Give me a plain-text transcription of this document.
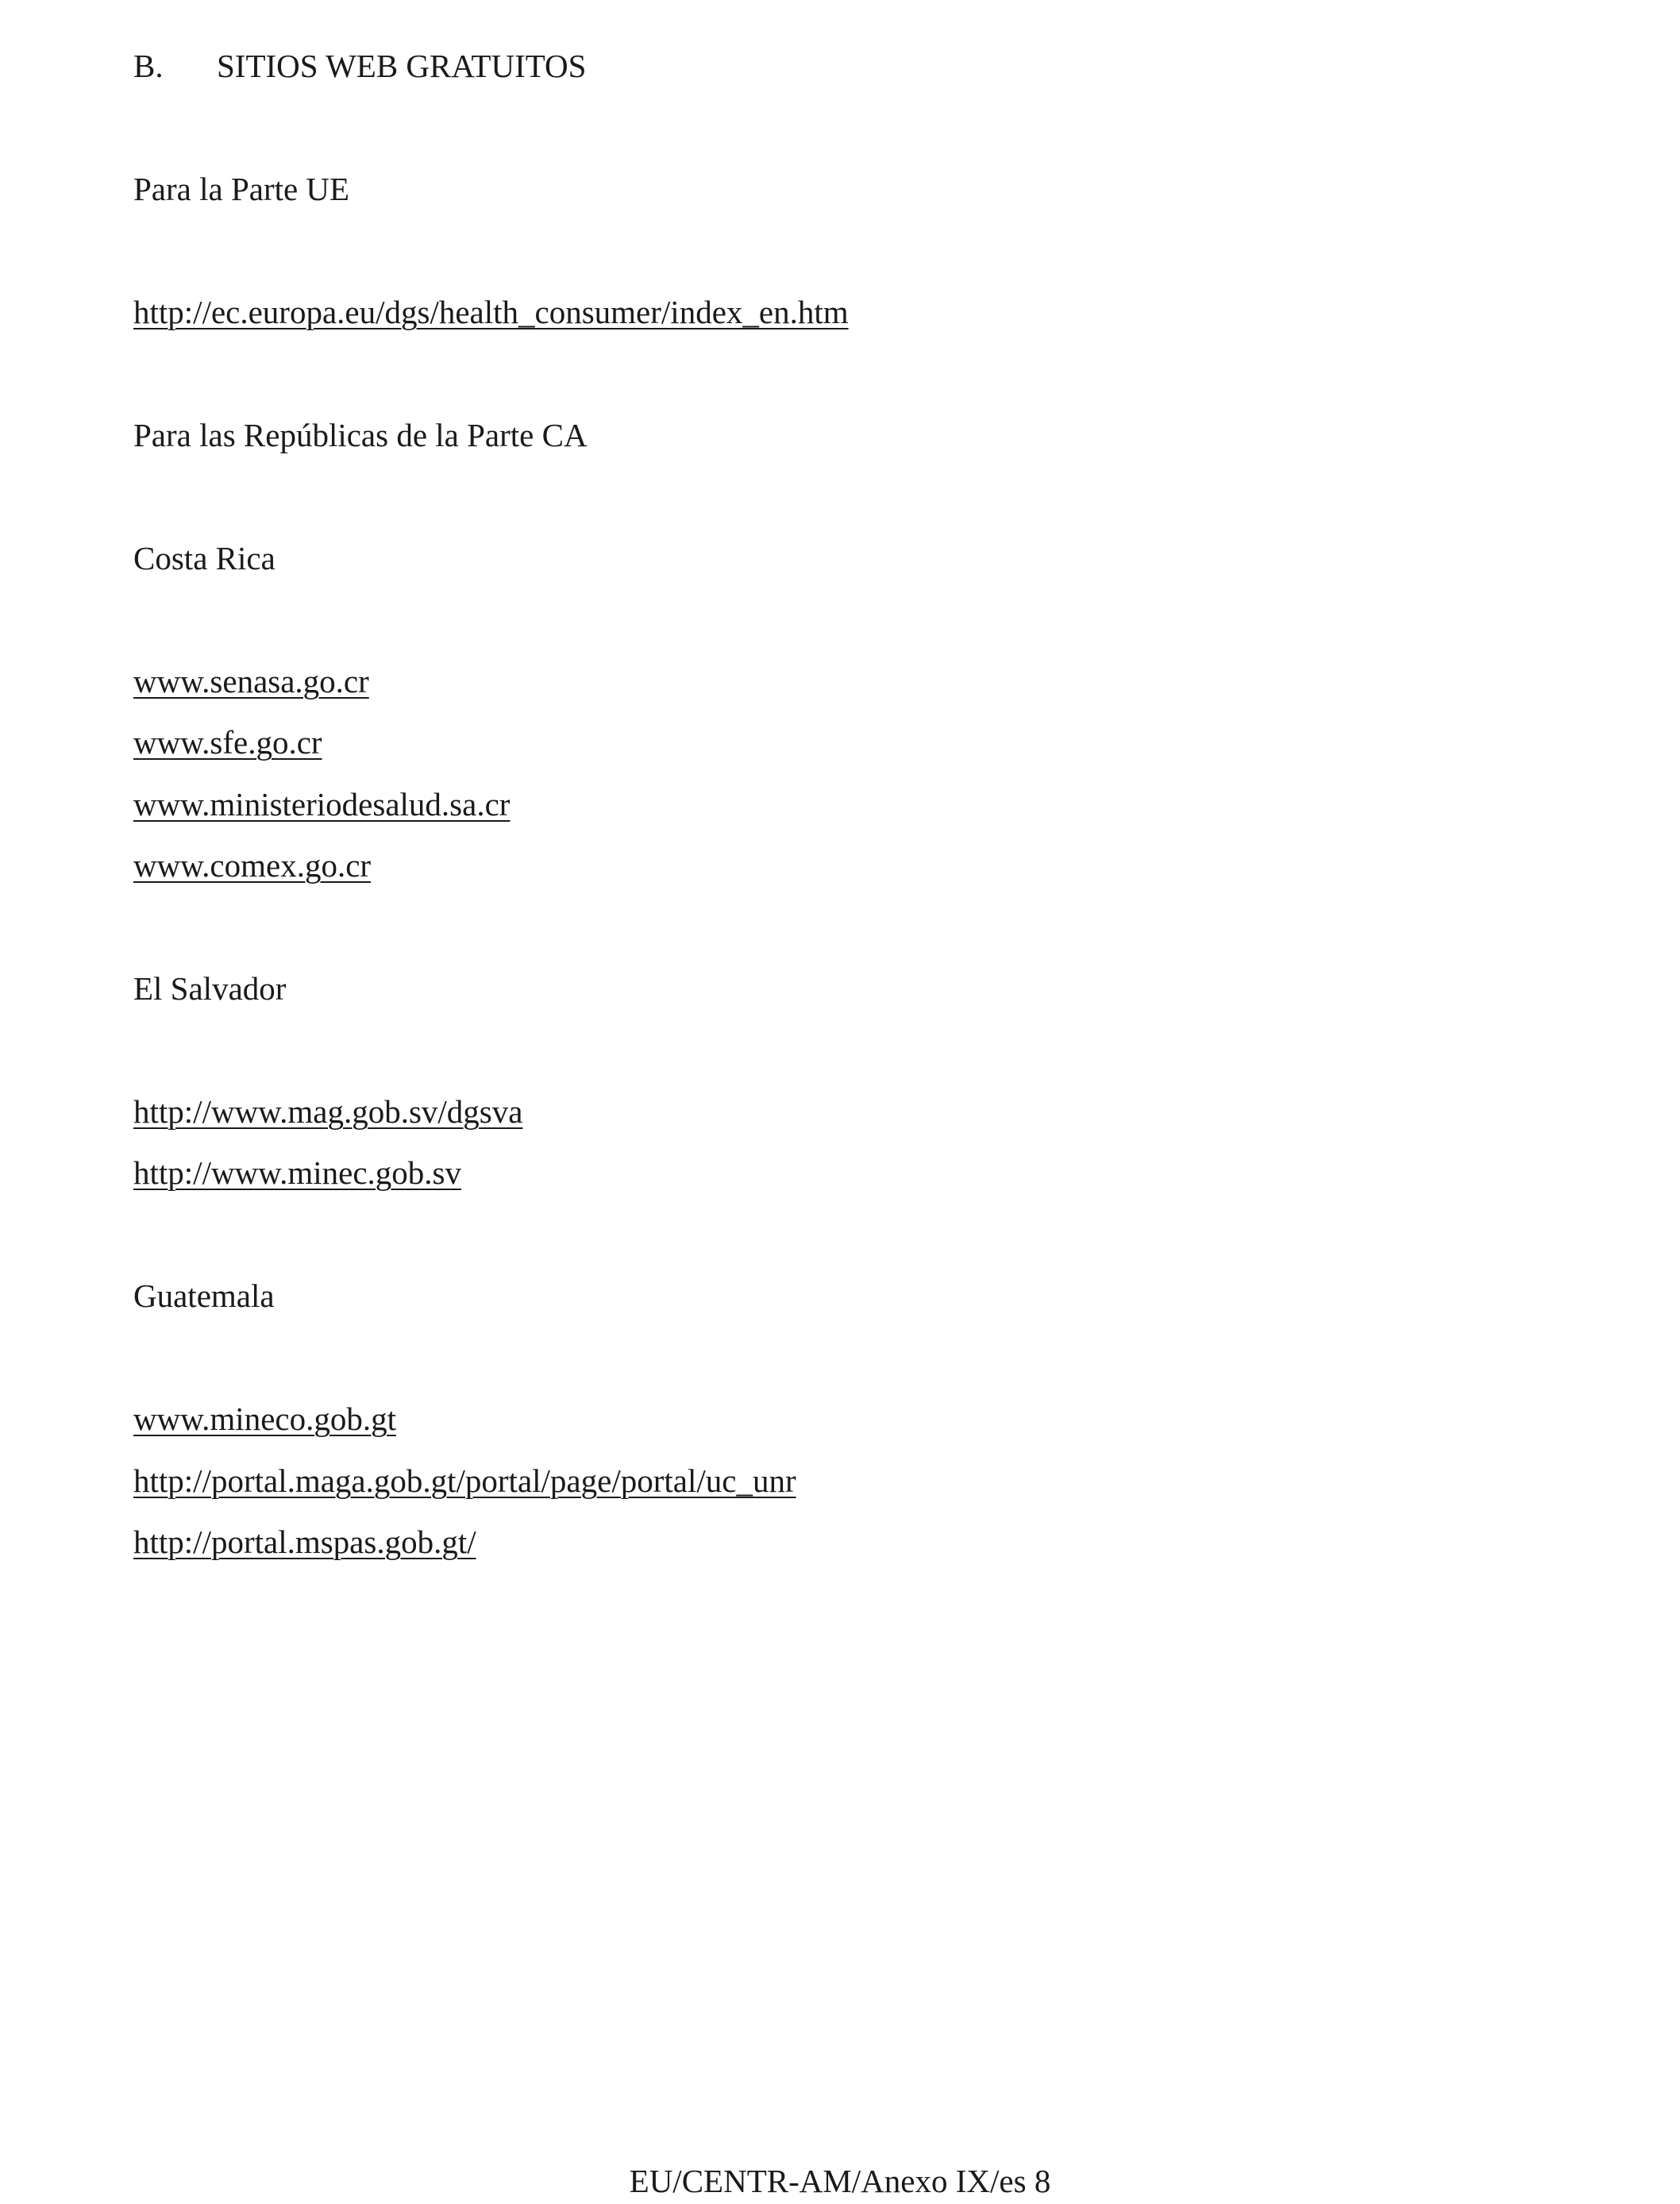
B. SITIOS WEB GRATUITOS
Para la Parte UE
http://ec.europa.eu/dgs/health_consumer/index_en.htm
Para las Repúblicas de la Parte CA
Costa Rica
www.senasa.go.cr
www.sfe.go.cr
www.ministeriodesalud.sa.cr
www.comex.go.cr
El Salvador
http://www.mag.gob.sv/dgsva
http://www.minec.gob.sv
Guatemala
www.mineco.gob.gt
http://portal.maga.gob.gt/portal/page/portal/uc_unr
http://portal.mspas.gob.gt/
EU/CENTR-AM/Anexo IX/es 8
